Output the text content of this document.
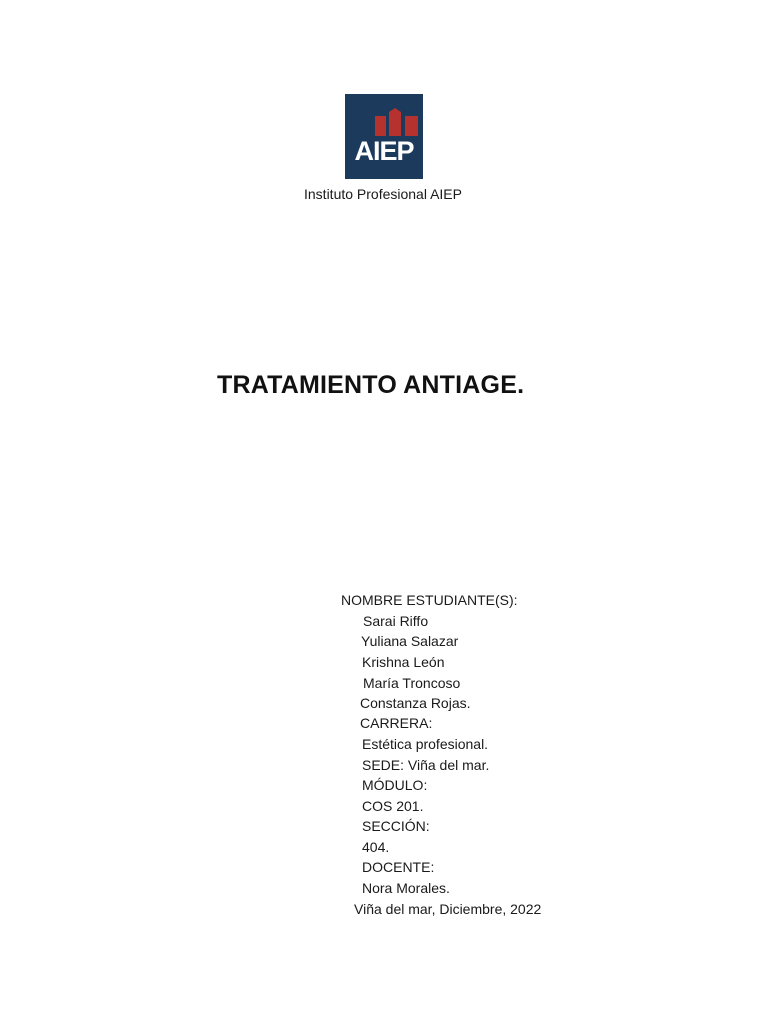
AIEP
Instituto Profesional AIEP
TRATAMIENTO ANTIAGE.
NOMBRE ESTUDIANTE(S):
Sarai Riffo
Yuliana Salazar
Krishna León
María Troncoso
Constanza Rojas.
CARRERA:
Estética profesional.
SEDE: Viña del mar.
MÓDULO:
COS 201.
SECCIÓN:
404.
DOCENTE:
Nora Morales.
Viña del mar, Diciembre, 2022
